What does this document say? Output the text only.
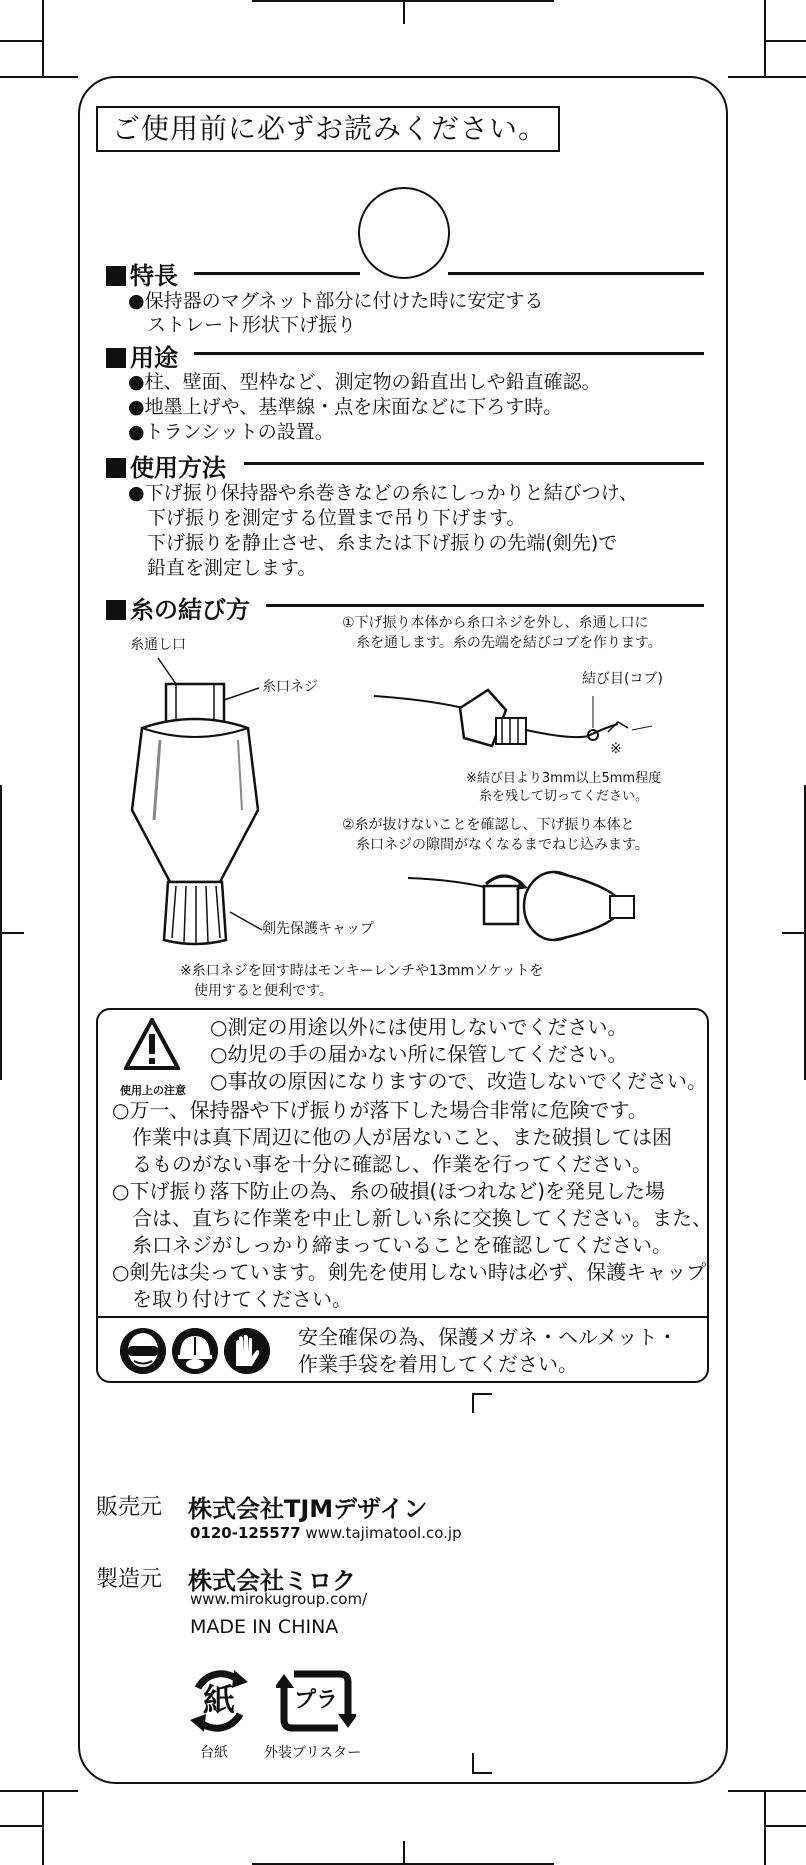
ご使用前に必ずお読みください。
特長
●保持器のマグネット部分に付けた時に安定する
　ストレート形状下げ振り
用途
●柱、壁面、型枠など、測定物の鉛直出しや鉛直確認。
●地墨上げや、基準線・点を床面などに下ろす時。
●トランシットの設置。
使用方法
●下げ振り保持器や糸巻きなどの糸にしっかりと結びつけ、
　下げ振りを測定する位置まで吊り下げます。
　下げ振りを静止させ、糸または下げ振りの先端(剣先)で
　鉛直を測定します。
糸の結び方
糸通し口
糸口ネジ
剣先保護キャップ
①下げ振り本体から糸口ネジを外し、糸通し口に
　糸を通します。糸の先端を結びコブを作ります。
結び目(コブ)
※
※結び目より3mm以上5mm程度
　糸を残して切ってください。
②糸が抜けないことを確認し、下げ振り本体と
　糸口ネジの隙間がなくなるまでねじ込みます。
※糸口ネジを回す時はモンキーレンチや13mmソケットを
　使用すると便利です。
使用上の注意
○測定の用途以外には使用しないでください。
○幼児の手の届かない所に保管してください。
○事故の原因になりますので、改造しないでください。
○万一、保持器や下げ振りが落下した場合非常に危険です。
　作業中は真下周辺に他の人が居ないこと、また破損しては困
　るものがない事を十分に確認し、作業を行ってください。
○下げ振り落下防止の為、糸の破損(ほつれなど)を発見した場
　合は、直ちに作業を中止し新しい糸に交換してください。また、
　糸口ネジがしっかり締まっていることを確認してください。
○剣先は尖っています。剣先を使用しない時は必ず、保護キャップ
　を取り付けてください。
安全確保の為、保護メガネ・ヘルメット・
作業手袋を着用してください。
販売元 株式会社TJMデザイン
0120-125577 www.tajimatool.co.jp
製造元 株式会社ミロク
www.mirokugroup.com/
MADE IN CHINA
紙
台紙
プラ
外装ブリスター
